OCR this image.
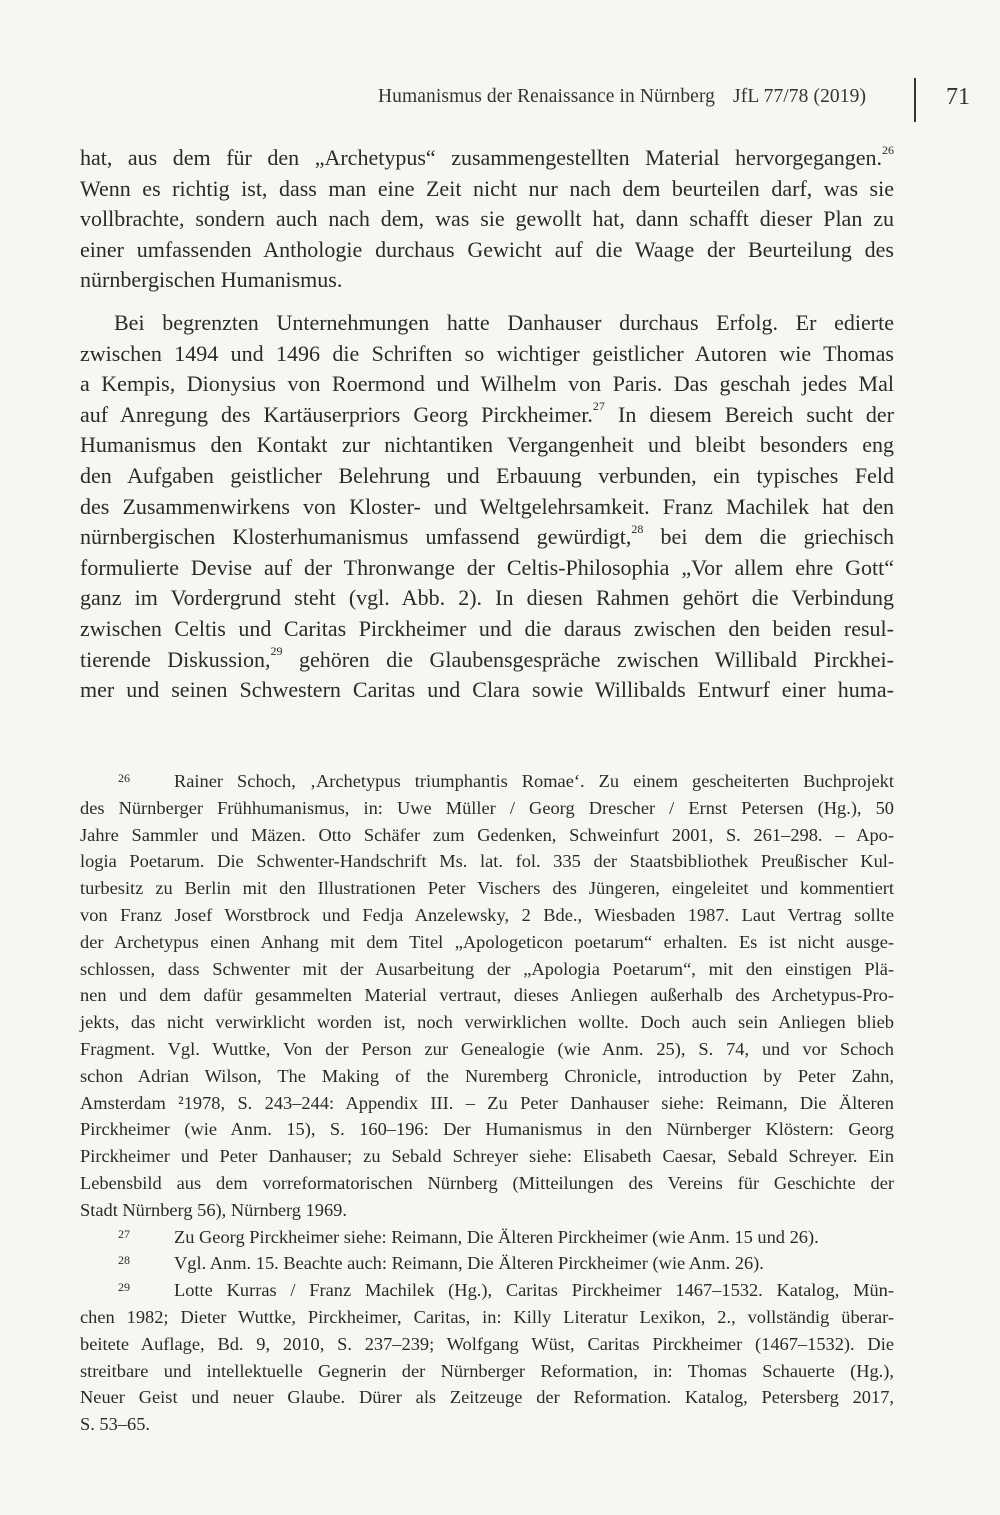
Humanismus der Renaissance in Nürnberg JfL 77/78 (2019)	71

hat, aus dem für den „Archetypus“ zusammengestellten Material hervorgegangen.$^{26}$
Wenn es richtig ist, dass man eine Zeit nicht nur nach dem beurteilen darf, was sie
vollbrachte, sondern auch nach dem, was sie gewollt hat, dann schafft dieser Plan zu
einer umfassenden Anthologie durchaus Gewicht auf die Waage der Beurteilung des
nürnbergischen Humanismus.

Bei begrenzten Unternehmungen hatte Danhauser durchaus Erfolg. Er edierte
zwischen 1494 und 1496 die Schriften so wichtiger geistlicher Autoren wie Thomas
a Kempis, Dionysius von Roermond und Wilhelm von Paris. Das geschah jedes Mal
auf Anregung des Kartäuserpriors Georg Pirckheimer.$^{27}$ In diesem Bereich sucht der
Humanismus den Kontakt zur nichtantiken Vergangenheit und bleibt besonders eng
den Aufgaben geistlicher Belehrung und Erbauung verbunden, ein typisches Feld
des Zusammenwirkens von Kloster- und Weltgelehrsamkeit. Franz Machilek hat den
nürnbergischen Klosterhumanismus umfassend gewürdigt,$^{28}$ bei dem die griechisch
formulierte Devise auf der Thronwange der Celtis-Philosophia „Vor allem ehre Gott“
ganz im Vordergrund steht (vgl. Abb. 2). In diesen Rahmen gehört die Verbindung
zwischen Celtis und Caritas Pirckheimer und die daraus zwischen den beiden resul-
tierende Diskussion,$^{29}$ gehören die Glaubensgespräche zwischen Willibald Pirckhei-
mer und seinen Schwestern Caritas und Clara sowie Willibalds Entwurf einer huma-

26 Rainer Schoch, ‚Archetypus triumphantis Romae‘. Zu einem gescheiterten Buchprojekt
des Nürnberger Frühhumanismus, in: Uwe Müller / Georg Drescher / Ernst Petersen (Hg.), 50
Jahre Sammler und Mäzen. Otto Schäfer zum Gedenken, Schweinfurt 2001, S. 261–298. – Apo-
logia Poetarum. Die Schwenter-Handschrift Ms. lat. fol. 335 der Staatsbibliothek Preußischer Kul-
turbesitz zu Berlin mit den Illustrationen Peter Vischers des Jüngeren, eingeleitet und kommentiert
von Franz Josef Worstbrock und Fedja Anzelewsky, 2 Bde., Wiesbaden 1987. Laut Vertrag sollte
der Archetypus einen Anhang mit dem Titel „Apologeticon poetarum“ erhalten. Es ist nicht ausge-
schlossen, dass Schwenter mit der Ausarbeitung der „Apologia Poetarum“, mit den einstigen Plä-
nen und dem dafür gesammelten Material vertraut, dieses Anliegen außerhalb des Archetypus-Pro-
jekts, das nicht verwirklicht worden ist, noch verwirklichen wollte. Doch auch sein Anliegen blieb
Fragment. Vgl. Wuttke, Von der Person zur Genealogie (wie Anm. 25), S. 74, und vor Schoch
schon Adrian Wilson, The Making of the Nuremberg Chronicle, introduction by Peter Zahn,
Amsterdam ²1978, S. 243–244: Appendix III. – Zu Peter Danhauser siehe: Reimann, Die Älteren
Pirckheimer (wie Anm. 15), S. 160–196: Der Humanismus in den Nürnberger Klöstern: Georg
Pirckheimer und Peter Danhauser; zu Sebald Schreyer siehe: Elisabeth Caesar, Sebald Schreyer. Ein
Lebensbild aus dem vorreformatorischen Nürnberg (Mitteilungen des Vereins für Geschichte der
Stadt Nürnberg 56), Nürnberg 1969.
27 Zu Georg Pirckheimer siehe: Reimann, Die Älteren Pirckheimer (wie Anm. 15 und 26).
28 Vgl. Anm. 15. Beachte auch: Reimann, Die Älteren Pirckheimer (wie Anm. 26).
29 Lotte Kurras / Franz Machilek (Hg.), Caritas Pirckheimer 1467–1532. Katalog, Mün-
chen 1982; Dieter Wuttke, Pirckheimer, Caritas, in: Killy Literatur Lexikon, 2., vollständig überar-
beitete Auflage, Bd. 9, 2010, S. 237–239; Wolfgang Wüst, Caritas Pirckheimer (1467–1532). Die
streitbare und intellektuelle Gegnerin der Nürnberger Reformation, in: Thomas Schauerte (Hg.),
Neuer Geist und neuer Glaube. Dürer als Zeitzeuge der Reformation. Katalog, Petersberg 2017,
S. 53–65.
